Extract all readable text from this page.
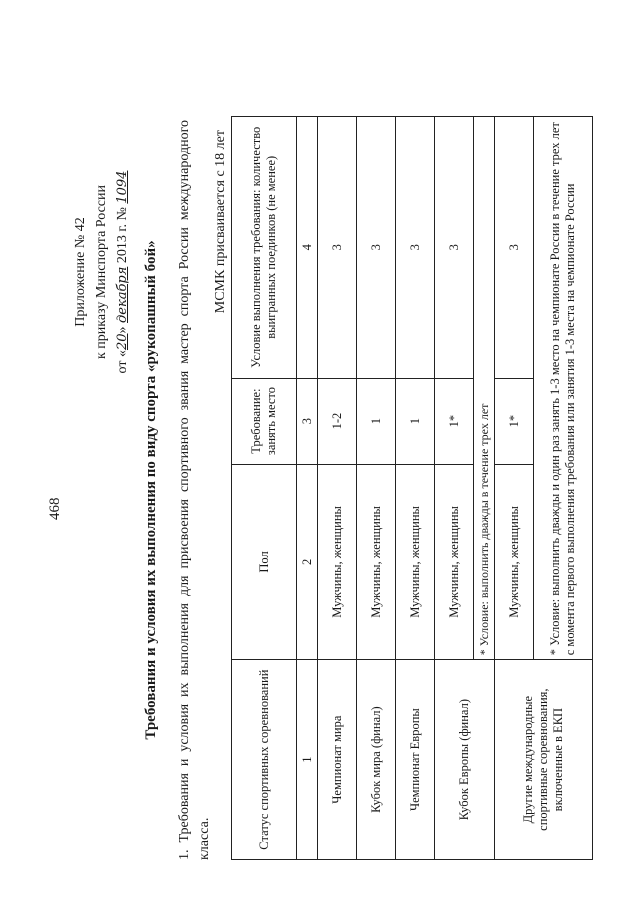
468
Приложение № 42 к приказу Минспорта России
от «20» декабря 2013 г. № 1094
Требования и условия их выполнения по виду спорта «рукопашный бой» 1. Требования и условия их выполнения для присвоения спортивного звания мастер спорта России международного класса.
МСМК присваивается с 18 лет
Статус спортивных соревнований	Пол	Требование: занять место	Условие выполнения требования: количество выигранных поединков (не менее)
1	2	3	4
Чемпионат мира	Мужчины, женщины	1-2	3
Кубок мира (финал)	Мужчины, женщины	1	3
Чемпионат Европы	Мужчины, женщины	1	3
Кубок Европы (финал)	Мужчины, женщины	1*	3
	* Условие: выполнить дважды в течение трех лет		
Другие международные спортивные соревнования, включенные в ЕКП	Мужчины, женщины	1*	3
	* Условие: выполнить дважды и один раз занять 1-3 место на чемпионате России в течение трех лет с момента первого выполнения требования или занятия 1-3 места на чемпионате России		
